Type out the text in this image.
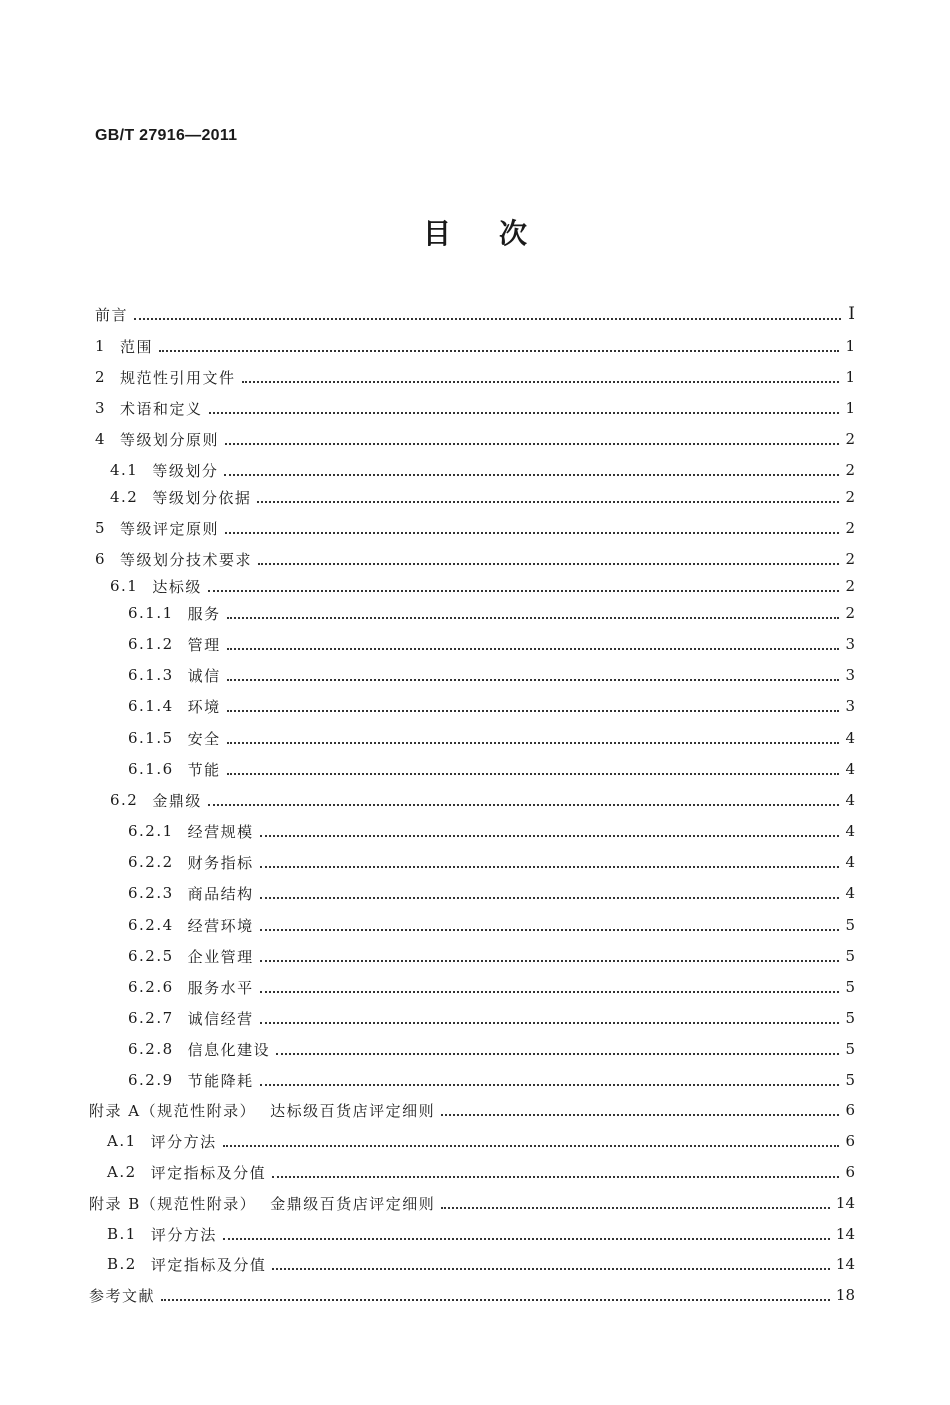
GB/T 27916—2011
目次
前言	Ⅰ
1 范围	1
2 规范性引用文件	1
3 术语和定义	1
4 等级划分原则	2
4.1 等级划分	2
4.2 等级划分依据	2
5 等级评定原则	2
6 等级划分技术要求	2
6.1 达标级	2
6.1.1 服务	2
6.1.2 管理	3
6.1.3 诚信	3
6.1.4 环境	3
6.1.5 安全	4
6.1.6 节能	4
6.2 金鼎级	4
6.2.1 经营规模	4
6.2.2 财务指标	4
6.2.3 商品结构	4
6.2.4 经营环境	5
6.2.5 企业管理	5
6.2.6 服务水平	5
6.2.7 诚信经营	5
6.2.8 信息化建设	5
6.2.9 节能降耗	5
附录 A（规范性附录） 达标级百货店评定细则	6
A.1 评分方法	6
A.2 评定指标及分值	6
附录 B（规范性附录） 金鼎级百货店评定细则	14
B.1 评分方法	14
B.2 评定指标及分值	14
参考文献	18
